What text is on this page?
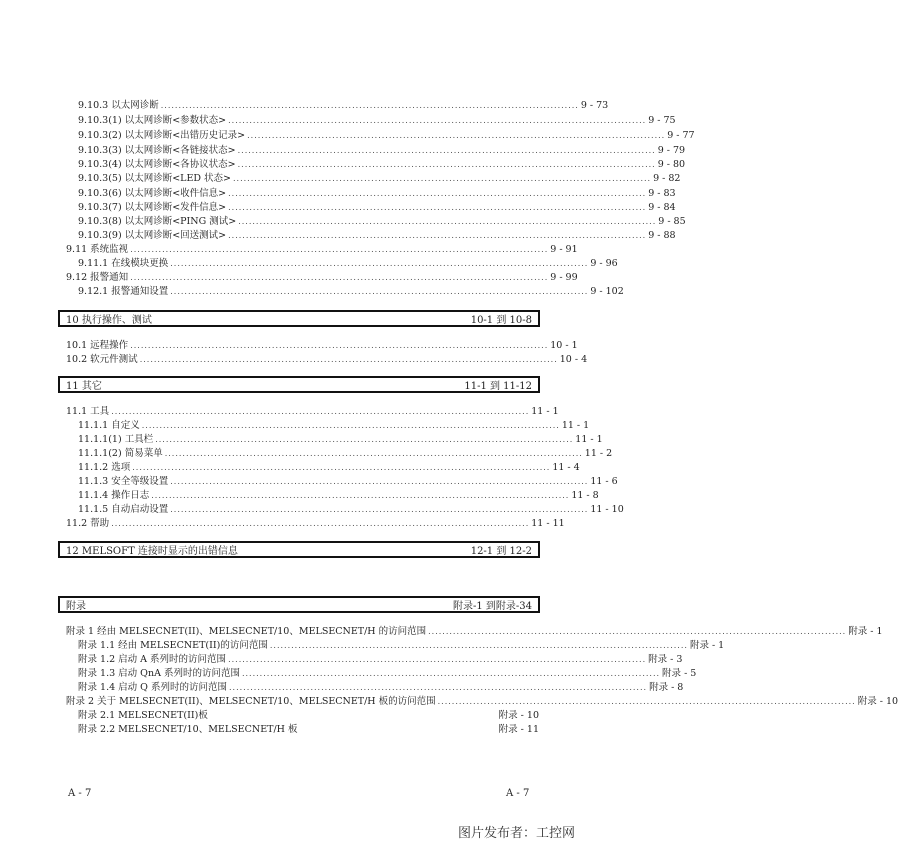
9.10.3 以太网诊断 ...................................................................................................................... 9 - 73
9.10.3(1) 以太网诊断<参数状态> ...................................................................................................................... 9 - 75
9.10.3(2) 以太网诊断<出错历史记录> ...................................................................................................................... 9 - 77
9.10.3(3) 以太网诊断<各链接状态> ...................................................................................................................... 9 - 79
9.10.3(4) 以太网诊断<各协议状态> ...................................................................................................................... 9 - 80
9.10.3(5) 以太网诊断<LED 状态> ...................................................................................................................... 9 - 82
9.10.3(6) 以太网诊断<收件信息> ...................................................................................................................... 9 - 83
9.10.3(7) 以太网诊断<发件信息> ...................................................................................................................... 9 - 84
9.10.3(8) 以太网诊断<PING 测试> ...................................................................................................................... 9 - 85
9.10.3(9) 以太网诊断<回送测试> ...................................................................................................................... 9 - 88
9.11 系统监视 ...................................................................................................................... 9 - 91
9.11.1 在线模块更换 ...................................................................................................................... 9 - 96
9.12 报警通知 ...................................................................................................................... 9 - 99
9.12.1 报警通知设置 ...................................................................................................................... 9 - 102
10 执行操作、测试	10-1 到 10-8
10.1 远程操作 ...................................................................................................................... 10 - 1
10.2 软元件测试 ...................................................................................................................... 10 - 4
11 其它	11-1 到 11-12
11.1 工具 ...................................................................................................................... 11 - 1
11.1.1 自定义 ...................................................................................................................... 11 - 1
11.1.1(1) 工具栏 ...................................................................................................................... 11 - 1
11.1.1(2) 简易菜单 ...................................................................................................................... 11 - 2
11.1.2 选项 ...................................................................................................................... 11 - 4
11.1.3 安全等级设置 ...................................................................................................................... 11 - 6
11.1.4 操作日志 ...................................................................................................................... 11 - 8
11.1.5 自动启动设置 ...................................................................................................................... 11 - 10
11.2 帮助 ...................................................................................................................... 11 - 11
12 MELSOFT 连接时显示的出错信息	12-1 到 12-2
附录	附录-1 到附录-34
附录 1 经由 MELSECNET(II)、MELSECNET/10、MELSECNET/H 的访问范围 ...................................................................................................................... 附录 - 1
附录 1.1 经由 MELSECNET(II)的访问范围 ...................................................................................................................... 附录 - 1
附录 1.2 启动 A 系列时的访问范围 ...................................................................................................................... 附录 - 3
附录 1.3 启动 QnA 系列时的访问范围 ...................................................................................................................... 附录 - 5
附录 1.4 启动 Q 系列时的访问范围 ...................................................................................................................... 附录 - 8
附录 2 关于 MELSECNET(II)、MELSECNET/10、MELSECNET/H 板的访问范围 ...................................................................................................................... 附录 - 10
附录 2.1 MELSECNET(II)板	附录 - 10
附录 2.2 MELSECNET/10、MELSECNET/H 板	附录 - 11
A - 7	A - 7
图片发布者：工控网
